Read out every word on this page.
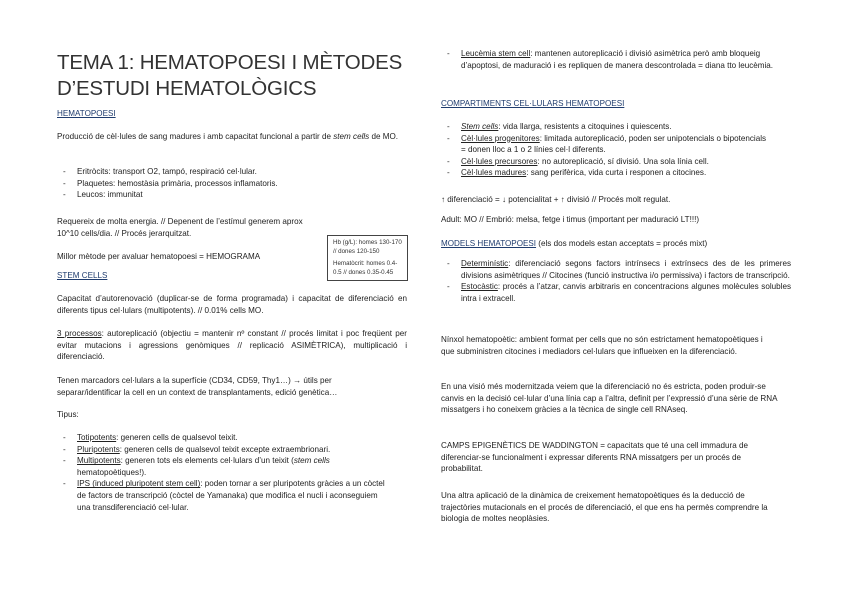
TEMA 1: HEMATOPOESI I MÈTODES
D’ESTUDI HEMATOLÒGICS

HEMATOPOESI

Producció de cèl·lules de sang madures i amb capacitat funcional a partir de stem cells de MO.

- Eritròcits: transport O2, tampó, respiració cel·lular.
- Plaquetes: hemostàsia primària, processos inflamatoris.
- Leucos: immunitat

Requereix de molta energia. // Depenent de l’estímul generem aprox 10^10 cells/dia. // Procés jerarquitzat.

Millor mètode per avaluar hematopoesi = HEMOGRAMA

STEM CELLS

Capacitat d’autorenovació (duplicar-se de forma programada) i capacitat de diferenciació en diferents tipus cel·lulars (multipotents). // 0.01% cells MO.

3 processos: autoreplicació (objectiu = mantenir nº constant // procés limitat i poc freqüent per evitar mutacions i agressions genòmiques // replicació ASIMÈTRICA), multiplicació i diferenciació.

Tenen marcadors cel·lulars a la superfície (CD34, CD59, Thy1…) → útils per separar/identificar la cell en un context de transplantaments, edició genètica…

Tipus:

- Totipotents: generen cells de qualsevol teixit.
- Pluripotents: generen cells de qualsevol teixit excepte extraembrionari.
- Multipotents: generen tots els elements cel·lulars d’un teixit (stem cells hematopoètiques!).
- IPS (induced pluripotent stem cell): poden tornar a ser pluripotents gràcies a un còctel de factors de transcripció (còctel de Yamanaka) que modifica el nucli i aconseguiem una transdiferenciació cel·lular.
Hb (g/L): homes 130-170 // dones 120-150
Hematòcrit: homes 0.4-0.5 // dones 0.35-0.45
- Leucèmia stem cell: mantenen autoreplicació i divisió asimètrica però amb bloqueig d’apoptosi, de maduració i es repliquen de manera descontrolada = diana tto leucèmia.

COMPARTIMENTS CEL·LULARS HEMATOPOESI

- Stem cells: vida llarga, resistents a citoquines i quiescents.
- Cèl·lules progenitores: limitada autoreplicació, poden ser unipotencials o bipotencials = donen lloc a 1 o 2 línies cel·l diferents.
- Cèl·lules precursores: no autoreplicació, sí divisió. Una sola línia cell.
- Cèl·lules madures: sang perifèrica, vida curta i responen a citocines.

↑ diferenciació = ↓ potencialitat + ↑ divisió // Procés molt regulat.

Adult: MO // Embrió: melsa, fetge i timus (important per maduració LT!!!)

MODELS HEMATOPOESI (els dos models estan acceptats = procés mixt)

- Determinístic: diferenciació segons factors intrínsecs i extrínsecs des de les primeres divisions asimètriques // Citocines (funció instructiva i/o permissiva) i factors de transcripció.
- Estocàstic: procés a l’atzar, canvis arbitraris en concentracions algunes molècules solubles intra i extracell.

Nínxol hematopoètic: ambient format per cells que no són estrictament hematopoètiques i que subministren citocines i mediadors cel·lulars que influeixen en la diferenciació.

En una visió més modernitzada veiem que la diferenciació no és estricta, poden produir-se canvis en la decisió cel·lular d’una línia cap a l’altra, definit per l’expressió d’una sèrie de RNA missatgers i ho coneixem gràcies a la tècnica de single cell RNAseq.

CAMPS EPIGENÈTICS DE WADDINGTON = capacitats que té una cell immadura de diferenciar-se funcionalment i expressar diferents RNA missatgers per un procés de probabilitat.

Una altra aplicació de la dinàmica de creixement hematopoètiques és la deducció de trajectòries mutacionals en el procés de diferenciació, el que ens ha permès comprendre la biologia de moltes neoplàsies.
